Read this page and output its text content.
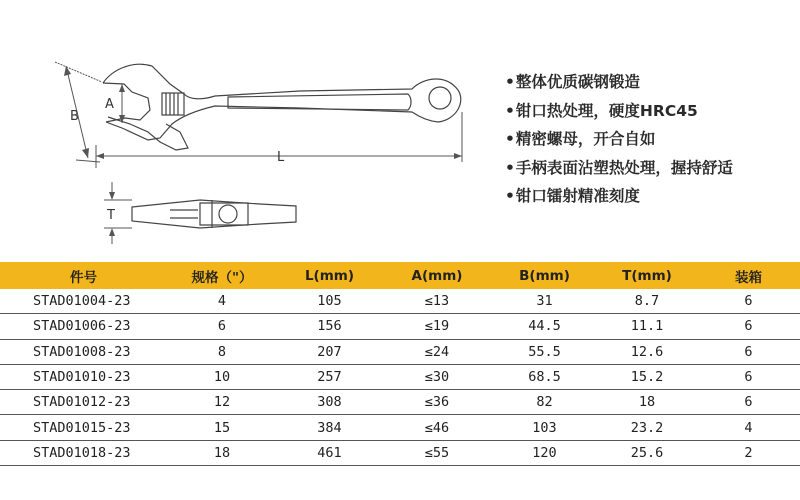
B
A
L
T
• 整体优质碳钢锻造
• 钳口热处理，硬度HRC45
• 精密螺母，开合自如
• 手柄表面沾塑热处理，握持舒适
• 钳口镭射精准刻度
件号	规格（"）	L(mm)	A(mm)	B(mm)	T(mm)	装箱
STAD01004-23	4	105	≤13	31	8.7	6
STAD01006-23	6	156	≤19	44.5	11.1	6
STAD01008-23	8	207	≤24	55.5	12.6	6
STAD01010-23	10	257	≤30	68.5	15.2	6
STAD01012-23	12	308	≤36	82	18	6
STAD01015-23	15	384	≤46	103	23.2	4
STAD01018-23	18	461	≤55	120	25.6	2
